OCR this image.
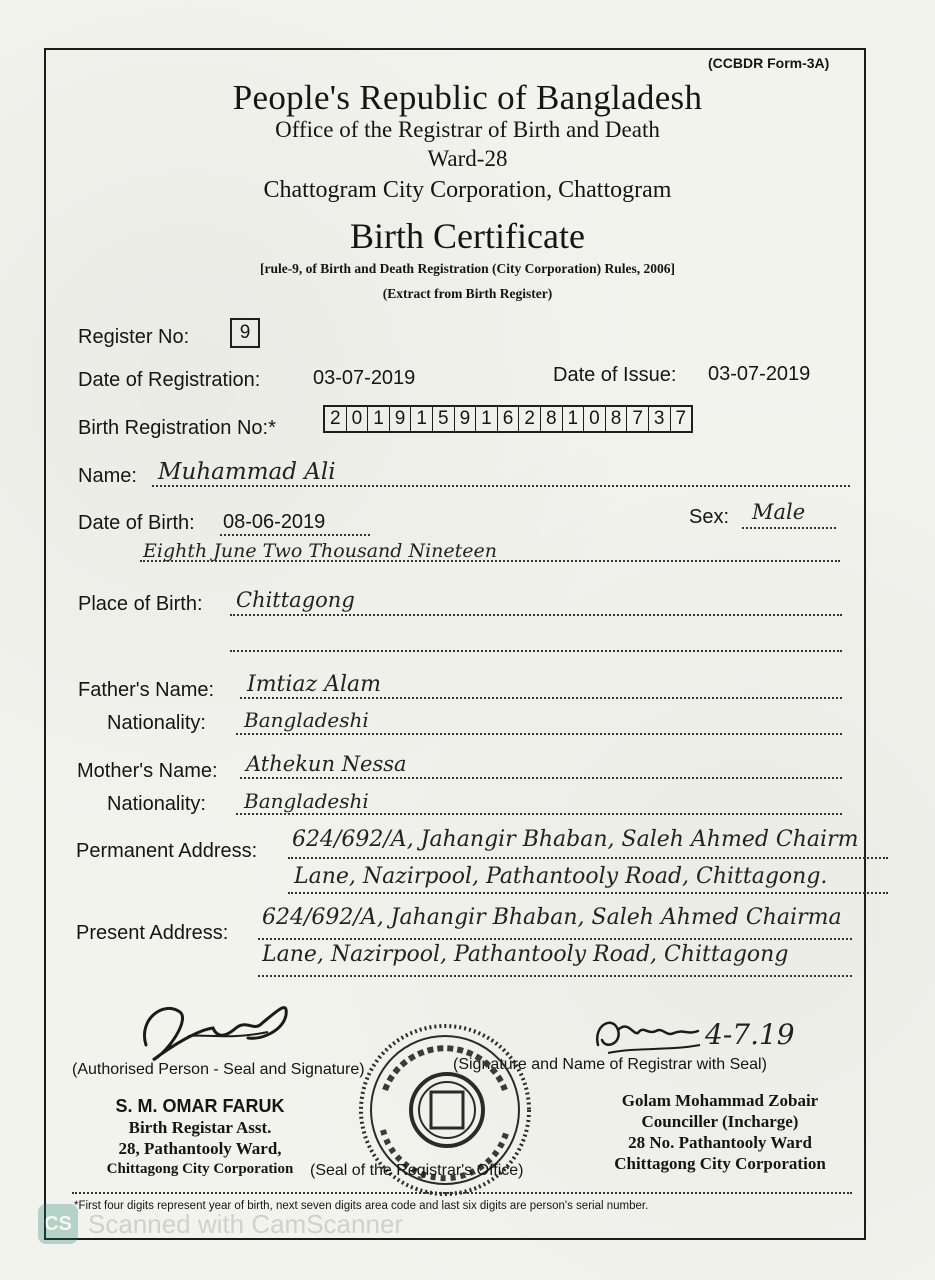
(CCBDR Form-3A)
People's Republic of Bangladesh
Office of the Registrar of Birth and Death
Ward-28
Chattogram City Corporation, Chattogram
Birth Certificate
[rule-9, of Birth and Death Registration (City Corporation) Rules, 2006]
(Extract from Birth Register)
Register No:	9
Date of Registration:	03-07-2019	Date of Issue: 03-07-2019
Birth Registration No:*	2 0 1 9 1 5 9 1 6 2 8 1 0 8 7 3 7
Name: Muhammad Ali
Date of Birth: 08-06-2019	Sex: Male
Eighth June Two Thousand Nineteen
Place of Birth: Chittagong
Father's Name: Imtiaz Alam
Nationality: Bangladeshi
Mother's Name: Athekun Nessa
Nationality: Bangladeshi
Permanent Address: 624/692/A, Jahangir Bhaban, Saleh Ahmed Chairm
Lane, Nazirpool, Pathantooly Road, Chittagong.
Present Address:
624/692/A, Jahangir Bhaban, Saleh Ahmed Chairma
Lane, Nazirpool, Pathantooly Road, Chittagong
4-7.19
(Authorised Person - Seal and Signature)	(Signature and Name of Registrar with Seal)
S. M. OMAR FARUK
Birth Registar Asst.
28, Pathantooly Ward,
Chittagong City Corporation	(Seal of the Registrar's Office)
Golam Mohammad Zobair
Counciller (Incharge)
28 No. Pathantooly Ward
Chittagong City Corporation
*First four digits represent year of birth, next seven digits area code and last six digits are person's serial number.
CS Scanned with CamScanner
